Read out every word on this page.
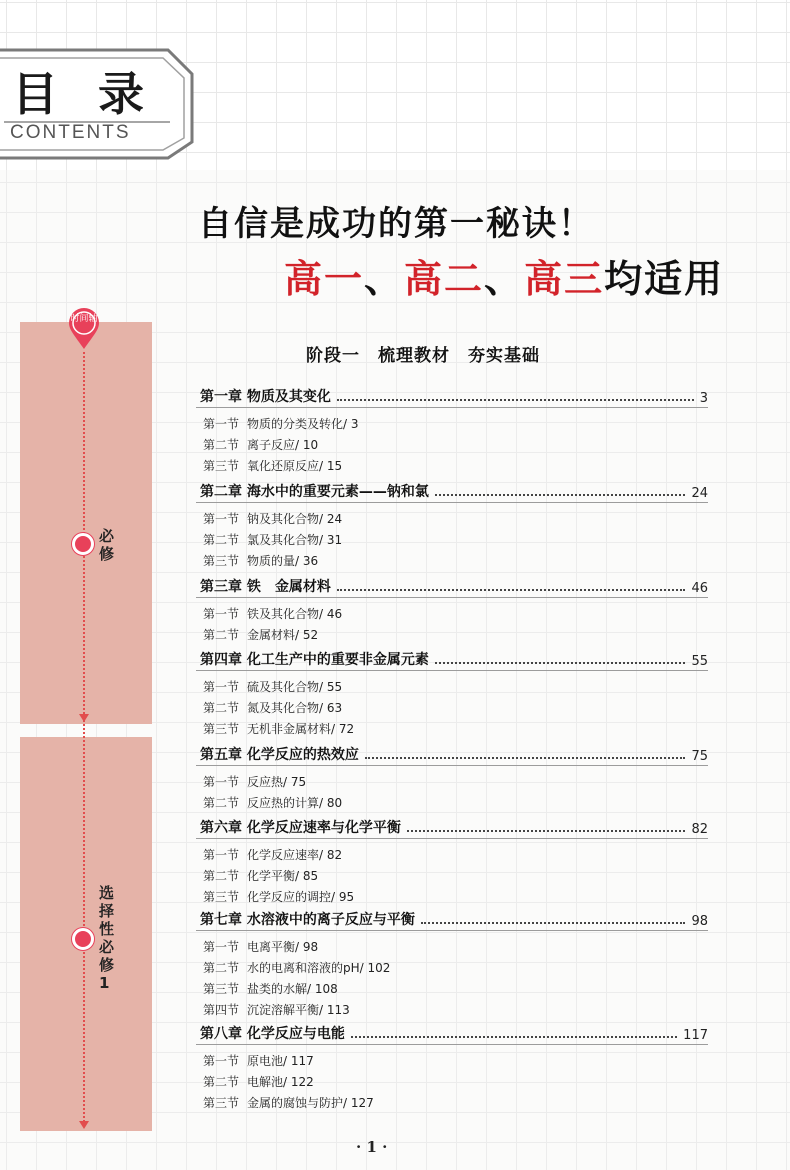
目 录
CONTENTS
自信是成功的第一秘诀！
高一、高二、高三均适用
时间轴
必修
选择性必修1
阶段一　梳理教材　夯实基础
第一章 物质及其变化	3
第一节 物质的分类及转化/ 3
第二节 离子反应/ 10
第三节 氧化还原反应/ 15
第二章 海水中的重要元素——钠和氯	24
第一节 钠及其化合物/ 24
第二节 氯及其化合物/ 31
第三节 物质的量/ 36
第三章 铁　金属材料	46
第一节 铁及其化合物/ 46
第二节 金属材料/ 52
第四章 化工生产中的重要非金属元素	55
第一节 硫及其化合物/ 55
第二节 氮及其化合物/ 63
第三节 无机非金属材料/ 72
第五章 化学反应的热效应	75
第一节 反应热/ 75
第二节 反应热的计算/ 80
第六章 化学反应速率与化学平衡	82
第一节 化学反应速率/ 82
第二节 化学平衡/ 85
第三节 化学反应的调控/ 95
第七章 水溶液中的离子反应与平衡	98
第一节 电离平衡/ 98
第二节 水的电离和溶液的pH/ 102
第三节 盐类的水解/ 108
第四节 沉淀溶解平衡/ 113
第八章 化学反应与电能	117
第一节 原电池/ 117
第二节 电解池/ 122
第三节 金属的腐蚀与防护/ 127
· 1 ·
